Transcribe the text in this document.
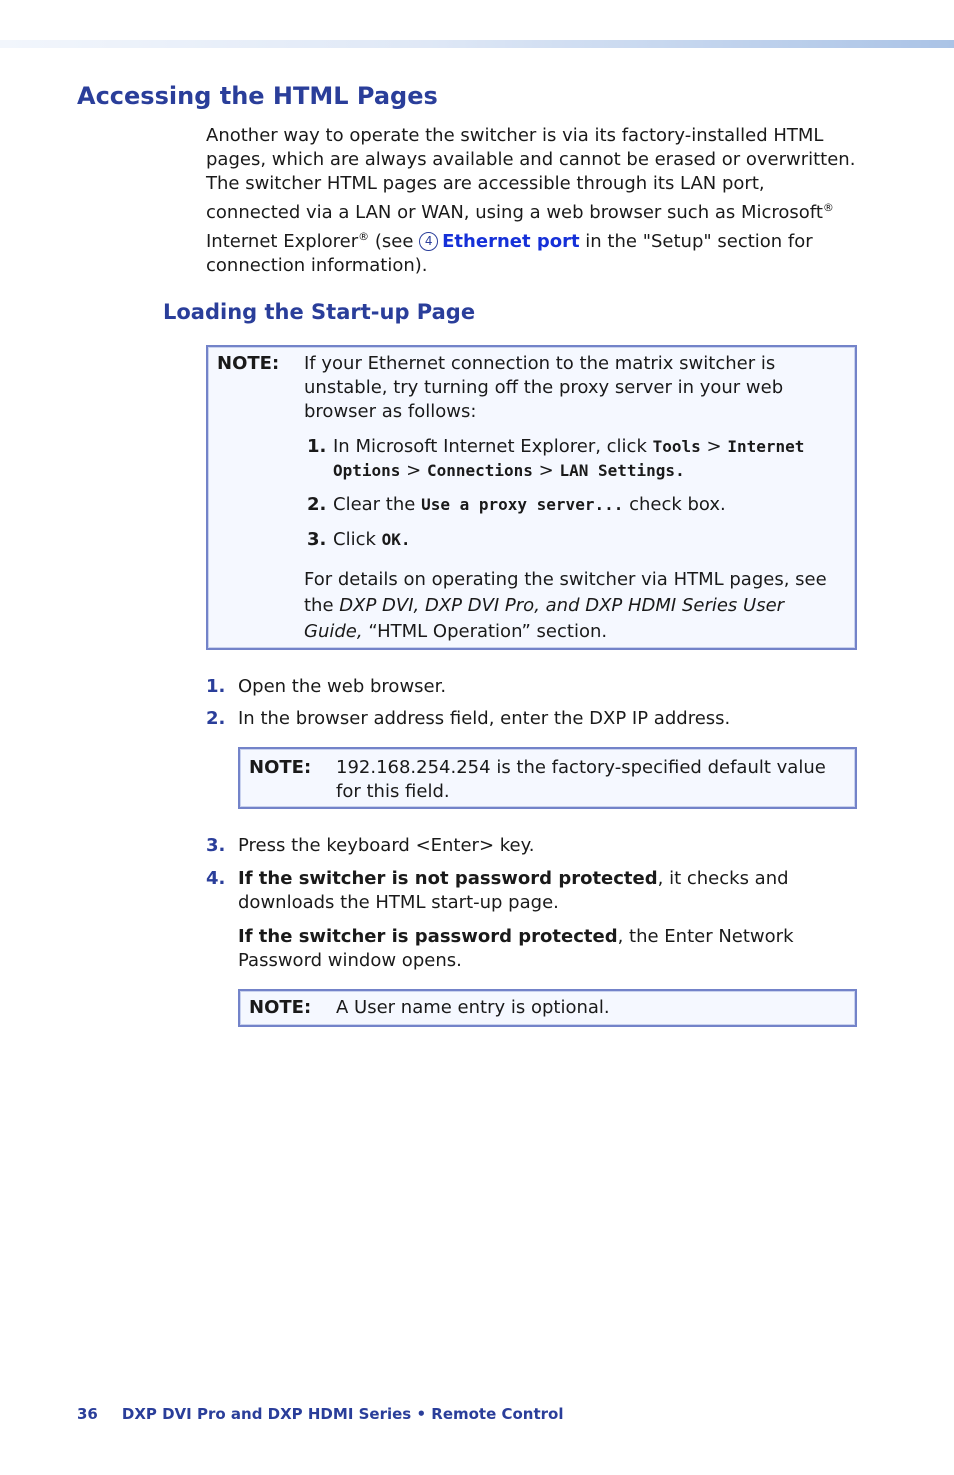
Accessing the HTML Pages

Another way to operate the switcher is via its factory-installed HTML pages, which are always available and cannot be erased or overwritten. The switcher HTML pages are accessible through its LAN port, connected via a LAN or WAN, using a web browser such as Microsoft® Internet Explorer® (see 4 Ethernet port in the "Setup" section for connection information).

Loading the Start-up Page
NOTE: If your Ethernet connection to the matrix switcher is unstable, try turning off the proxy server in your web browser as follows:
1. In Microsoft Internet Explorer, click Tools > Internet
Options > Connections > LAN Settings.
2. Clear the Use a proxy server... check box.
3. Click OK.
For details on operating the switcher via HTML pages, see the DXP DVI, DXP DVI Pro, and DXP HDMI Series User Guide, “HTML Operation” section.
1. Open the web browser.
2. In the browser address field, enter the DXP IP address.
NOTE: 192.168.254.254 is the factory-specified default value for this field.
3. Press the keyboard <Enter> key.
4. If the switcher is not password protected, it checks and downloads the HTML start-up page.
If the switcher is password protected, the Enter Network Password window opens.
NOTE: A User name entry is optional.
36 DXP DVI Pro and DXP HDMI Series • Remote Control
